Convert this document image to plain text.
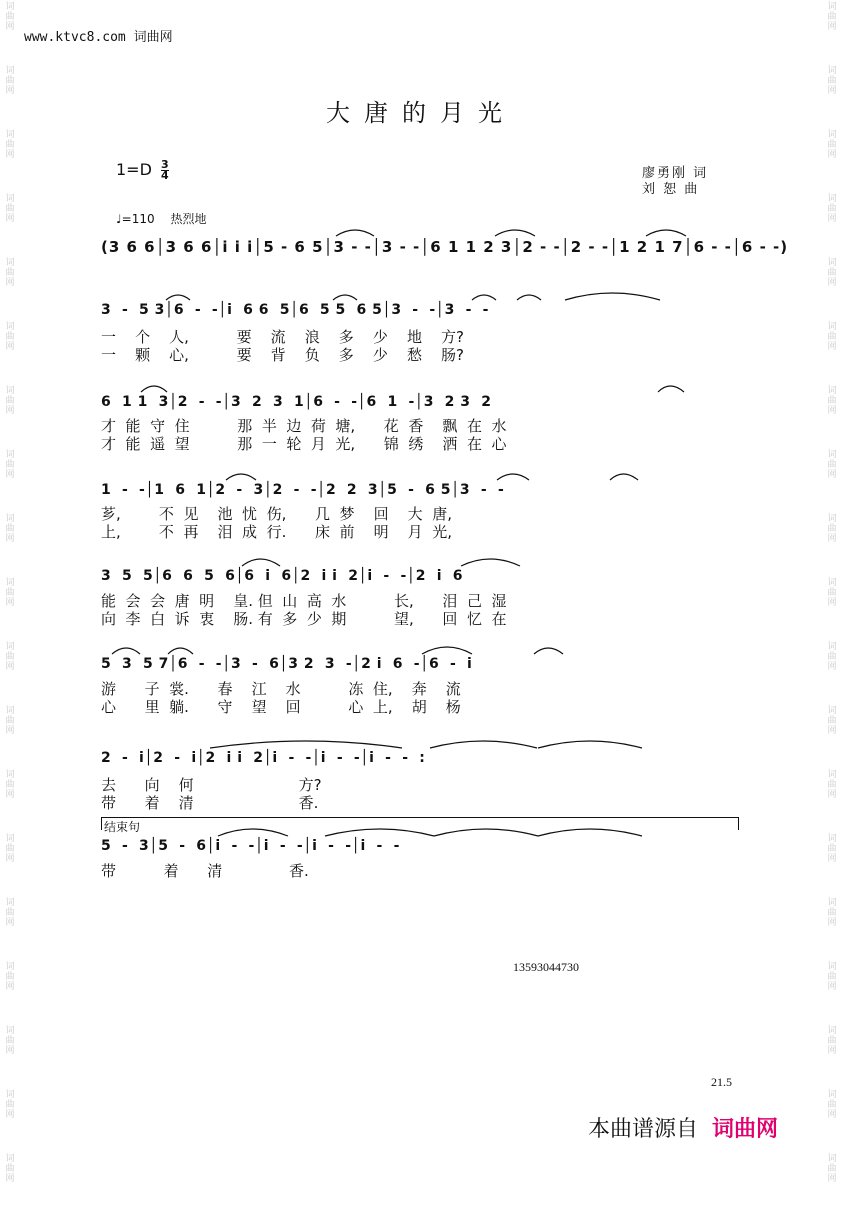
词
曲
网
词
曲
网
词
曲
网
词
曲
网
词
曲
网
词
曲
网
词
曲
网
词
曲
网
词
曲
网
词
曲
网
词
曲
网
词
曲
网
词
曲
网
词
曲
网
词
曲
网
词
曲
网
词
曲
网
词
曲
网
词
曲
网
词
曲
网
词
曲
网
词
曲
网
词
曲
网
词
曲
网
词
曲
网
词
曲
网
词
曲
网
词
曲
网
词
曲
网
词
曲
网
词
曲
网
词
曲
网
词
曲
网
词
曲
网
词
曲
网
词
曲
网
词
曲
网
词
曲
网
www.ktvc8.com 词曲网
大唐的月光
$1=D \frac{3}{4}$	廖勇刚 词
刘 恕 曲
♩=110 热烈地
(3 6 6│3 6 6│i i i│5 - 6 5│3 - -│3 - -│6 1 1 2 3│2 - -│2 - -│1 2 1 7│6 - -│6 - -)
3  -  5 3│6  -  -│i  6 6  5│6  5 5  6 5│3  -  -│3  -  -
一    个    人,          要    流    浪    多    少    地    方?
一    颗    心,          要    背    负    多    少    愁    肠?
6  1 1  3│2  -  -│3  2  3  1│6  -  -│6  1  -│3  2 3  2
才  能  守  住          那  半  边  荷  塘,      花  香    飘  在  水
才  能  遥  望          那  一  轮  月  光,      锦  绣    洒  在  心
1  -  -│1  6  1│2  -  3│2  -  -│2  2  3│5  -  6 5│3  -  -
芗,        不  见    池  忧  伤,      几  梦    回    大  唐,
上,        不  再    泪  成  行.      床  前    明    月  光,
3  5  5│6  6  5  6│6  i  6│2  i i  2│i  -  -│2  i  6
能  会  会  唐  明    皇. 但  山  高  水          长,      泪  己  湿
向  李  白  诉  衷    肠. 有  多  少  期          望,      回  忆  在
5  3  5 7│6  -  -│3  -  6│3 2  3  -│2 i  6  -│6  -  i
游      子  裳.      春    江    水          冻  住,    奔    流
心      里  躺.      守    望    回          心  上,    胡    杨
2  -  i│2  -  i│2  i i  2│i  -  -│i  -  -│i  -  -  :
去      向    何                      方?
带      着    清                      香.
结束句
5  -  3│5  -  6│i  -  -│i  -  -│i  -  -│i  -  -
带          着      清              香.
13593044730
21.5
本曲谱源自 词曲网
